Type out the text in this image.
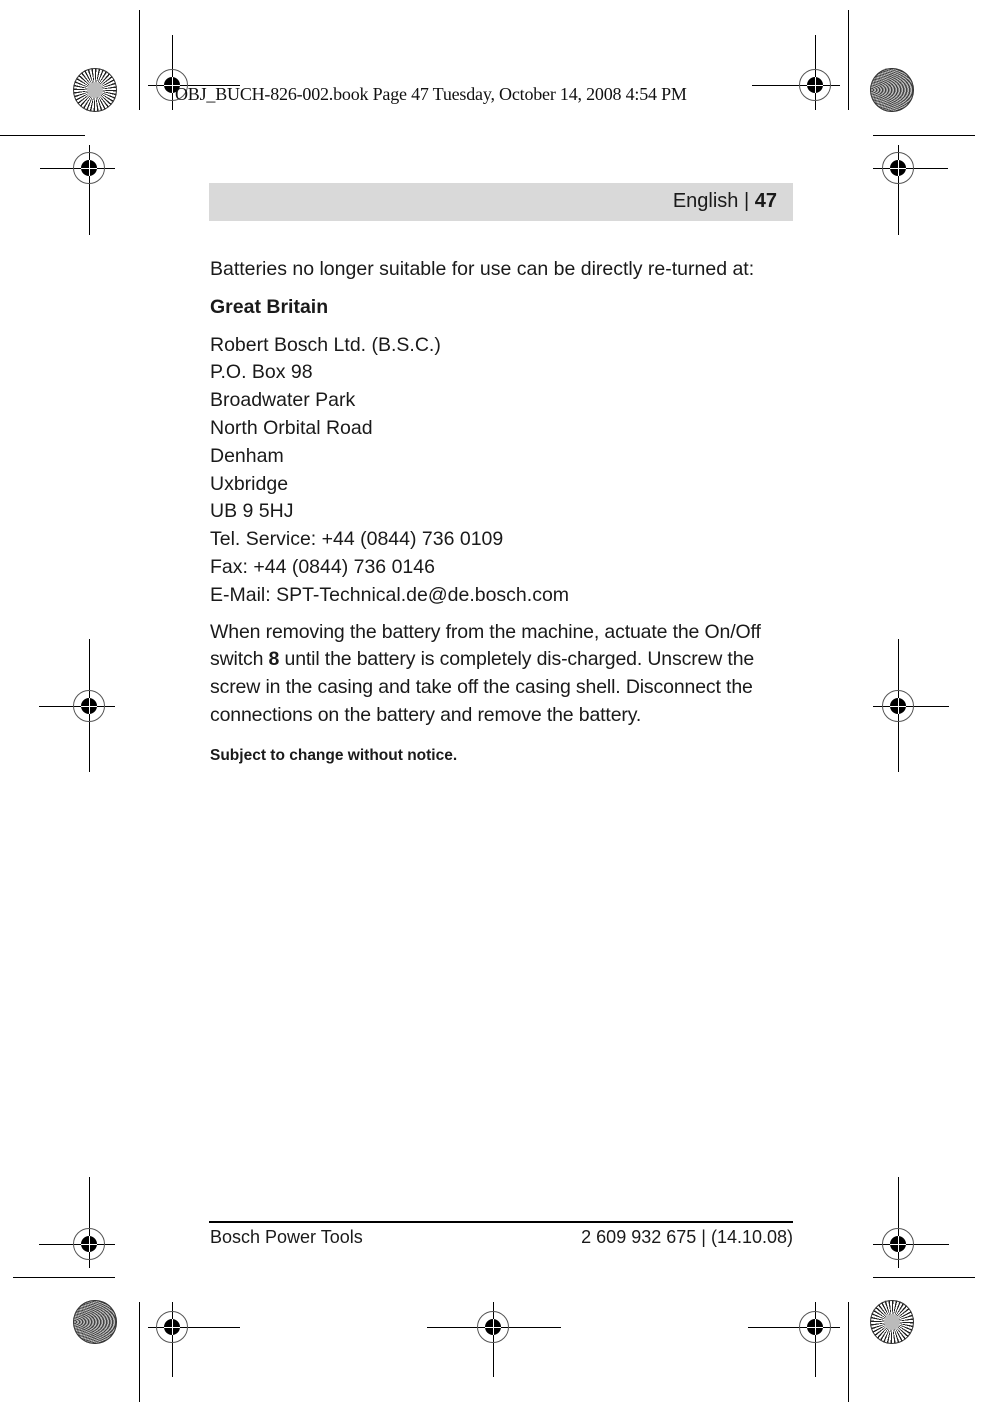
OBJ_BUCH-826-002.book Page 47 Tuesday, October 14, 2008 4:54 PM
English | 47

Batteries no longer suitable for use can be directly re-turned at:

Great Britain

Robert Bosch Ltd. (B.S.C.)
P.O. Box 98
Broadwater Park
North Orbital Road
Denham
Uxbridge
UB 9 5HJ
Tel. Service: +44 (0844) 736 0109
Fax: +44 (0844) 736 0146
E-Mail: SPT-Technical.de@de.bosch.com

When removing the battery from the machine, actuate the On/Off switch 8 until the battery is completely dis-charged. Unscrew the screw in the casing and take off the casing shell. Disconnect the connections on the battery and remove the battery.

Subject to change without notice.

Bosch Power Tools	2 609 932 675 | (14.10.08)
